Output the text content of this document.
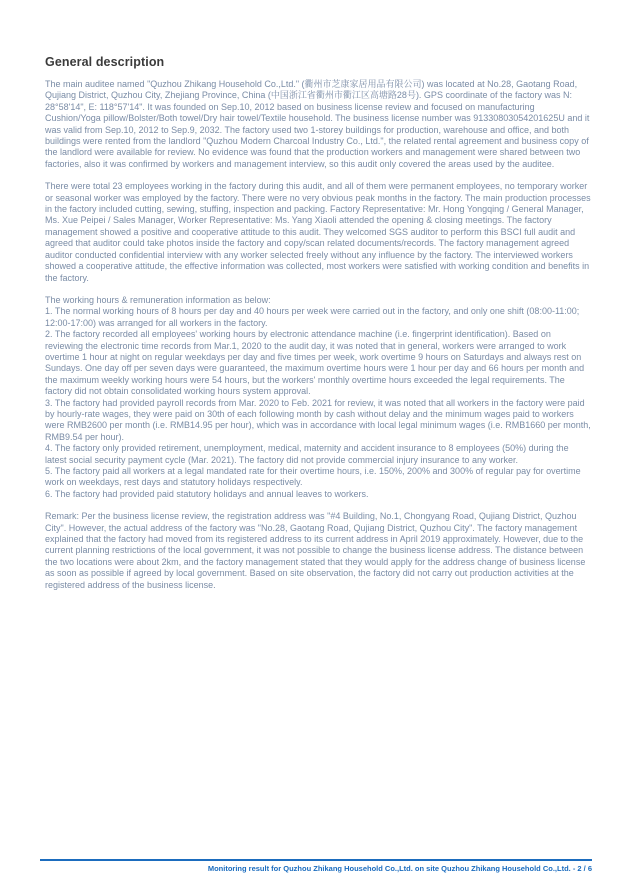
General description

The main auditee named "Quzhou Zhikang Household Co.,Ltd." (衢州市芝康家居用品有限公司) was located at No.28, Gaotang Road, Qujiang District, Quzhou City, Zhejiang Province, China (中国浙江省衢州市衢江区高塘路28号). GPS coordinate of the factory was N: 28°58'14", E: 118°57'14". It was founded on Sep.10, 2012 based on business license review and focused on manufacturing Cushion/Yoga pillow/Bolster/Both towel/Dry hair towel/Textile household. The business license number was 91330803054201625U and it was valid from Sep.10, 2012 to Sep.9, 2032. The factory used two 1-storey buildings for production, warehouse and office, and both buildings were rented from the landlord "Quzhou Modern Charcoal Industry Co., Ltd.", the related rental agreement and business copy of the landlord were available for review. No evidence was found that the production workers and management were shared between two factories, also it was confirmed by workers and management interview, so this audit only covered the areas used by the auditee.

There were total 23 employees working in the factory during this audit, and all of them were permanent employees, no temporary worker or seasonal worker was employed by the factory. There were no very obvious peak months in the factory. The main production processes in the factory included cutting, sewing, stuffing, inspection and packing. Factory Representative: Mr. Hong Yongqing / General Manager, Ms. Xue Peipei / Sales Manager, Worker Representative: Ms. Yang Xiaoli attended the opening & closing meetings. The factory management showed a positive and cooperative attitude to this audit. They welcomed SGS auditor to perform this BSCI full audit and agreed that auditor could take photos inside the factory and copy/scan related documents/records. The factory management agreed auditor conducted confidential interview with any worker selected freely without any influence by the factory. The interviewed workers showed a cooperative attitude, the effective information was collected, most workers were satisfied with working condition and benefits in the factory.

The working hours & remuneration information as below:

1. The normal working hours of 8 hours per day and 40 hours per week were carried out in the factory, and only one shift (08:00-11:00; 12:00-17:00) was arranged for all workers in the factory.

2. The factory recorded all employees' working hours by electronic attendance machine (i.e. fingerprint identification). Based on reviewing the electronic time records from Mar.1, 2020 to the audit day, it was noted that in general, workers were arranged to work overtime 1 hour at night on regular weekdays per day and five times per week, work overtime 9 hours on Saturdays and always rest on Sundays. One day off per seven days were guaranteed, the maximum overtime hours were 1 hour per day and 66 hours per month and the maximum weekly working hours were 54 hours, but the workers' monthly overtime hours exceeded the legal requirements. The factory did not obtain consolidated working hours system approval.

3. The factory had provided payroll records from Mar. 2020 to Feb. 2021 for review, it was noted that all workers in the factory were paid by hourly-rate wages, they were paid on 30th of each following month by cash without delay and the minimum wages paid to workers were RMB2600 per month (i.e. RMB14.95 per hour), which was in accordance with local legal minimum wages (i.e. RMB1660 per month, RMB9.54 per hour).

4. The factory only provided retirement, unemployment, medical, maternity and accident insurance to 8 employees (50%) during the latest social security payment cycle (Mar. 2021). The factory did not provide commercial injury insurance to any worker.

5. The factory paid all workers at a legal mandated rate for their overtime hours, i.e. 150%, 200% and 300% of regular pay for overtime work on weekdays, rest days and statutory holidays respectively.

6. The factory had provided paid statutory holidays and annual leaves to workers.

Remark: Per the business license review, the registration address was "#4 Building, No.1, Chongyang Road, Qujiang District, Quzhou City". However, the actual address of the factory was "No.28, Gaotang Road, Qujiang District, Quzhou City". The factory management explained that the factory had moved from its registered address to its current address in April 2019 approximately. However, due to the current planning restrictions of the local government, it was not possible to change the business license address. The distance between the two locations were about 2km, and the factory management stated that they would apply for the address change of business license as soon as possible if agreed by local government. Based on site observation, the factory did not carry out production activities at the registered address of the business license.

Monitoring result for Quzhou Zhikang Household Co.,Ltd. on site Quzhou Zhikang Household Co.,Ltd. - 2 / 6
